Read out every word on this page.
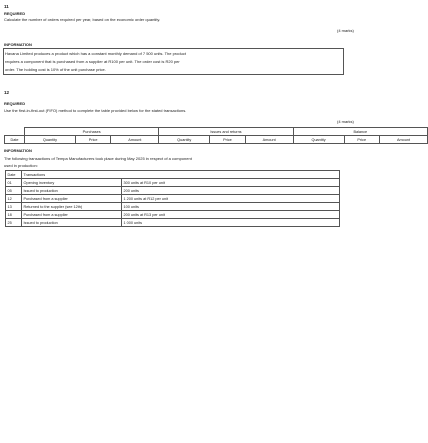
11
REQUIRED
Calculate the number of orders required per year, based on the economic order quantity.
(4 marks)
INFORMATION
Havana Limited produces a product which has a constant monthly demand of 7 500 units. The product
requires a component that is purchased from a supplier at R100 per unit. The order cost is R20 per
order. The holding cost is 10% of the unit purchase price.
12
REQUIRED
Use the first-in-first-out (FIFO) method to complete the table provided below for the stated transactions.
(4 marks)
	Purchases			Issues and returns			Balance		
Date	Quantity	Price	Amount	Quantity	Price	Amount	Quantity	Price	Amount
INFORMATION
The following transactions of Tempa Manufacturers took place during May 2025 in respect of a component
used in production:
Date	Transactions	
01	Opening inventory	300 units at R10 per unit
05	Issued to production	200 units
12	Purchased from a supplier	1 200 units at R12 per unit
13	Returned to the supplier (see 12th)	100 units
18	Purchased from a supplier	200 units at R13 per unit
25	Issued to production	1 000 units
